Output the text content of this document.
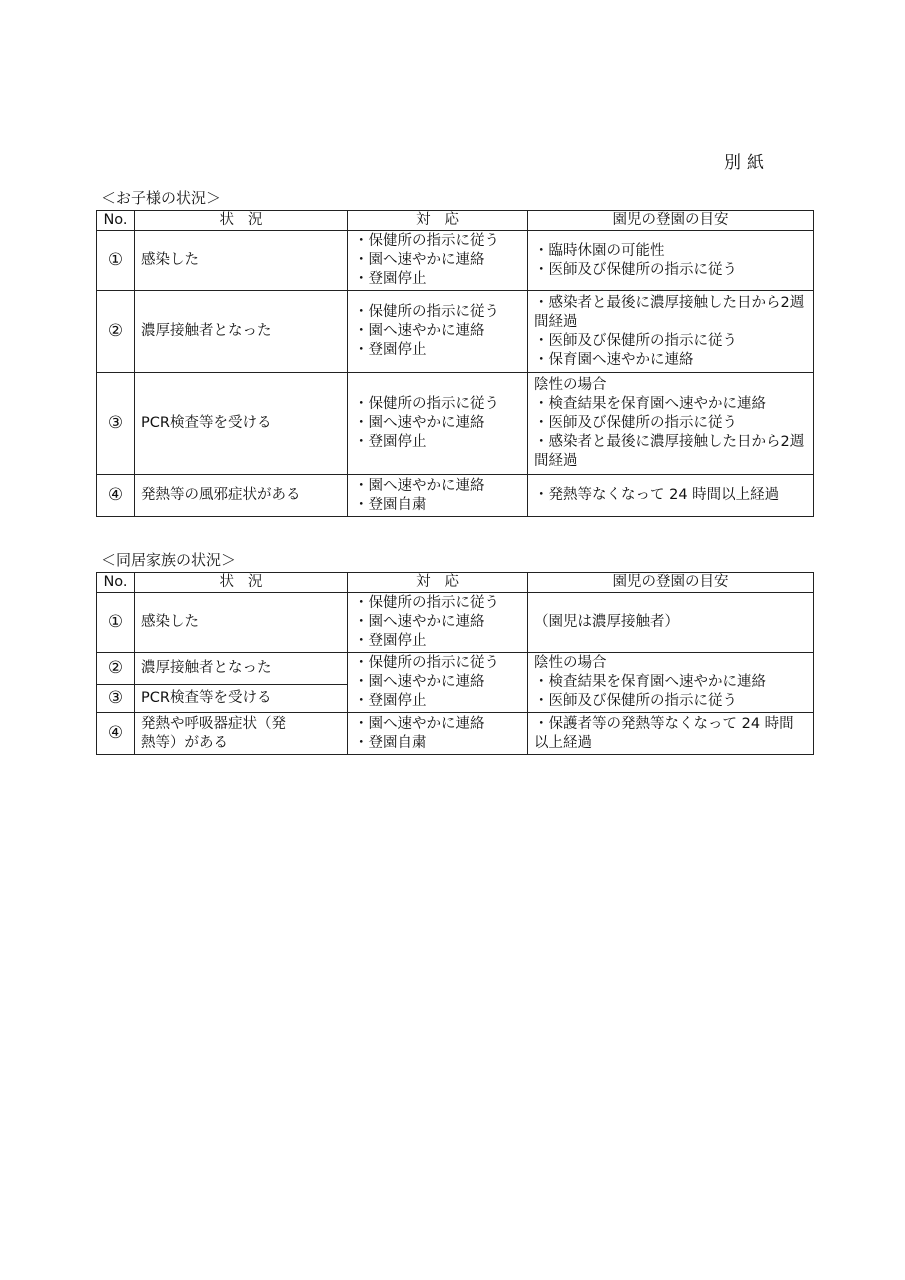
別紙
＜お子様の状況＞
No.	状況	対応	園児の登園の目安
①	感染した	・保健所の指示に従う
・園へ速やかに連絡
・登園停止	・臨時休園の可能性
・医師及び保健所の指示に従う

②	濃厚接触者となった	・保健所の指示に従う
・園へ速やかに連絡
・登園停止	・感染者と最後に濃厚接触した日から2週間経過
・医師及び保健所の指示に従う
・保育園へ速やかに連絡

③	PCR検査等を受ける	・保健所の指示に従う
・園へ速やかに連絡
・登園停止	陰性の場合
・検査結果を保育園へ速やかに連絡
・医師及び保健所の指示に従う
・感染者と最後に濃厚接触した日から2週間経過

④	発熱等の風邪症状がある	・園へ速やかに連絡
・登園自粛	・発熱等なくなって 24 時間以上経過
＜同居家族の状況＞
No.	状況	対応	園児の登園の目安
①	感染した	・保健所の指示に従う
・園へ速やかに連絡
・登園停止	（園児は濃厚接触者）
②	濃厚接触者となった	・保健所の指示に従う
・園へ速やかに連絡
・登園停止	陰性の場合
・検査結果を保育園へ速やかに連絡
・医師及び保健所の指示に従う

③	PCR検査等を受ける		
④	発熱や呼吸器症状（発熱等）がある	・園へ速やかに連絡
・登園自粛	・保護者等の発熱等なくなって 24 時間以上経過
